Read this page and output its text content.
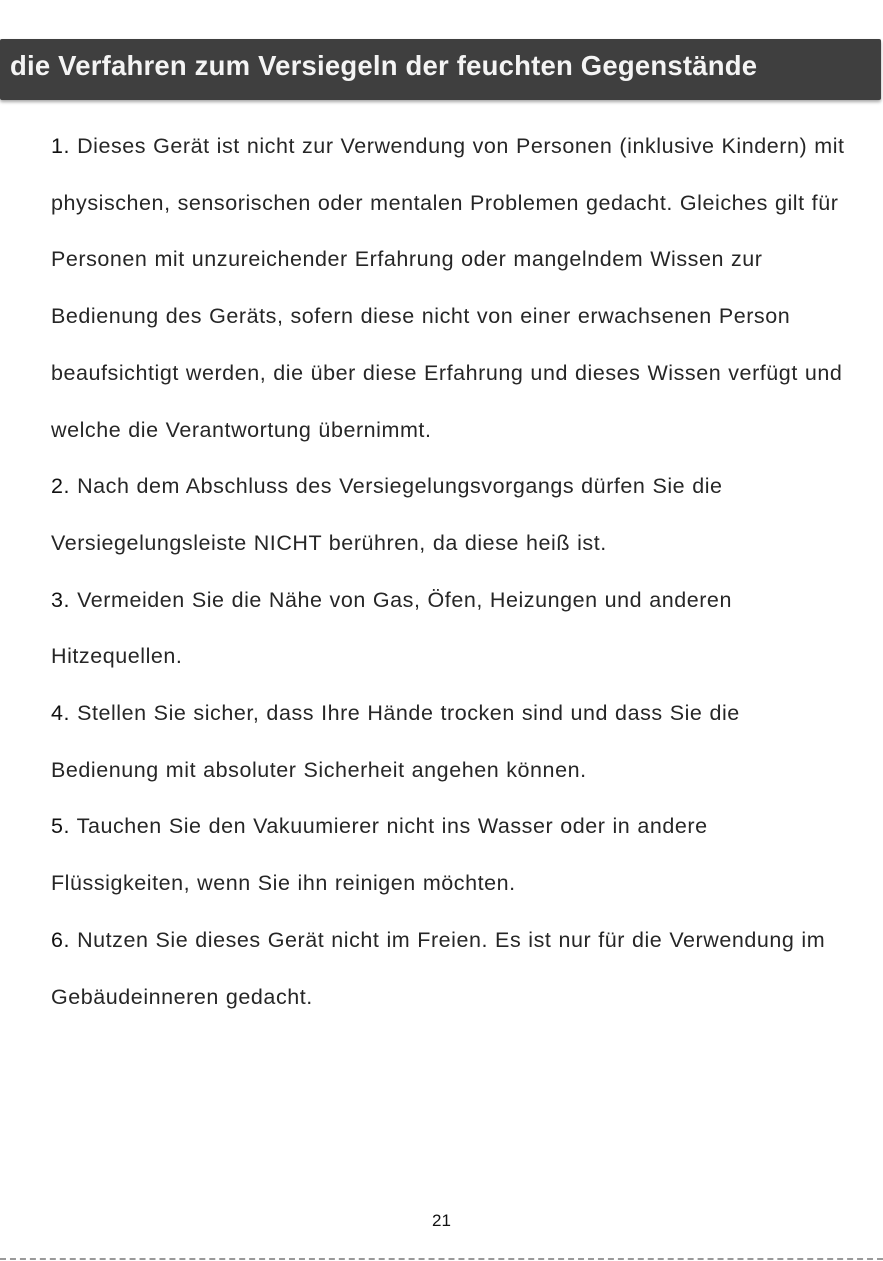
die Verfahren zum Versiegeln der feuchten Gegenstände

1. Dieses Gerät ist nicht zur Verwendung von Personen (inklusive Kindern) mit physischen, sensorischen oder mentalen Problemen gedacht. Gleiches gilt für Personen mit unzureichender Erfahrung oder mangelndem Wissen zur Bedienung des Geräts, sofern diese nicht von einer erwachsenen Person beaufsichtigt werden, die über diese Erfahrung und dieses Wissen verfügt und welche die Verantwortung übernimmt.

2. Nach dem Abschluss des Versiegelungsvorgangs dürfen Sie die Versiegelungsleiste NICHT berühren, da diese heiß ist.

3. Vermeiden Sie die Nähe von Gas, Öfen, Heizungen und anderen Hitzequellen.

4. Stellen Sie sicher, dass Ihre Hände trocken sind und dass Sie die Bedienung mit absoluter Sicherheit angehen können.

5. Tauchen Sie den Vakuumierer nicht ins Wasser oder in andere Flüssigkeiten, wenn Sie ihn reinigen möchten.

6. Nutzen Sie dieses Gerät nicht im Freien. Es ist nur für die Verwendung im Gebäudeinneren gedacht.

21
